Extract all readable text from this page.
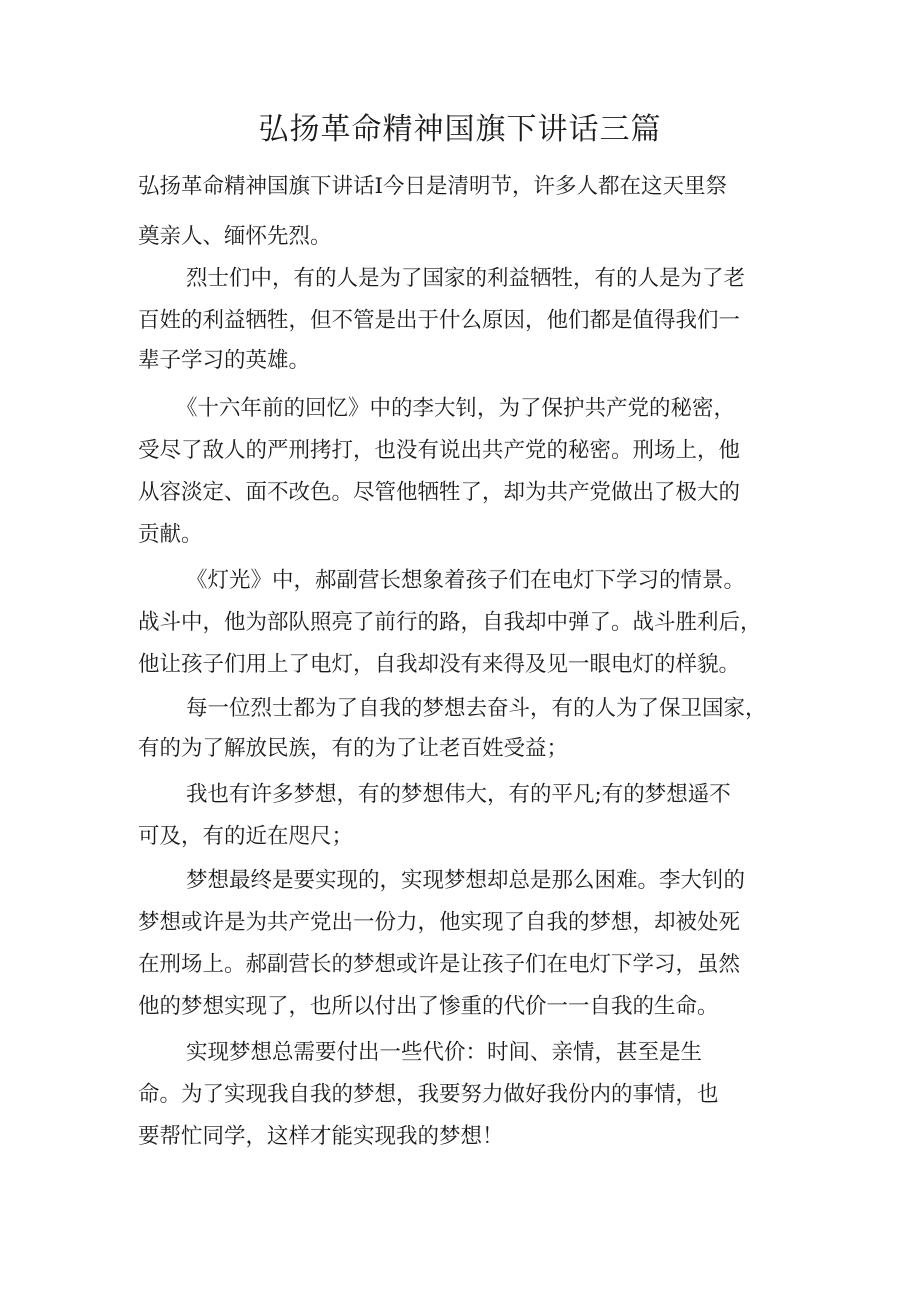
弘扬革命精神国旗下讲话三篇
弘扬革命精神国旗下讲话Ⅰ今日是清明节，许多人都在这天里祭
奠亲人、缅怀先烈。
烈士们中，有的人是为了国家的利益牺牲，有的人是为了老
百姓的利益牺牲，但不管是出于什么原因，他们都是值得我们一
辈子学习的英雄。
《十六年前的回忆》中的李大钊，为了保护共产党的秘密，
受尽了敌人的严刑拷打，也没有说出共产党的秘密。刑场上，他
从容淡定、面不改色。尽管他牺牲了，却为共产党做出了极大的
贡献。
《灯光》中，郝副营长想象着孩子们在电灯下学习的情景。
战斗中，他为部队照亮了前行的路，自我却中弹了。战斗胜利后，
他让孩子们用上了电灯，自我却没有来得及见一眼电灯的样貌。
每一位烈士都为了自我的梦想去奋斗，有的人为了保卫国家，
有的为了解放民族，有的为了让老百姓受益；
我也有许多梦想，有的梦想伟大，有的平凡;有的梦想遥不
可及，有的近在咫尺；
梦想最终是要实现的，实现梦想却总是那么困难。李大钊的
梦想或许是为共产党出一份力，他实现了自我的梦想，却被处死
在刑场上。郝副营长的梦想或许是让孩子们在电灯下学习，虽然
他的梦想实现了，也所以付出了惨重的代价一一自我的生命。
实现梦想总需要付出一些代价：时间、亲情，甚至是生
命。为了实现我自我的梦想，我要努力做好我份内的事情，也
要帮忙同学，这样才能实现我的梦想！
